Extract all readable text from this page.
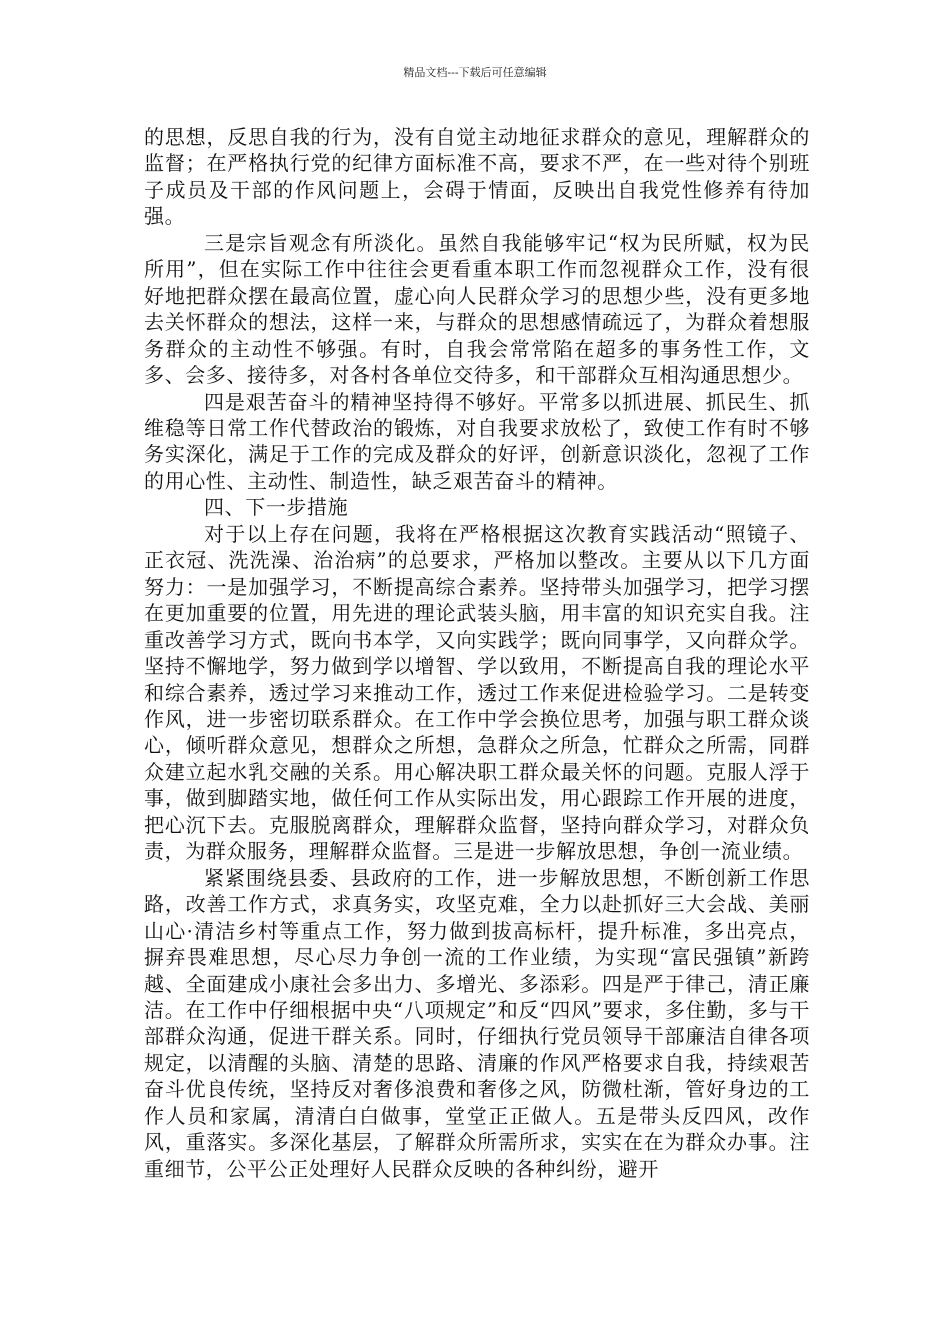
精品文档---下载后可任意编辑

的思想，反思自我的行为，没有自觉主动地征求群众的意见，理解群众的监督；在严格执行党的纪律方面标准不高，要求不严，在一些对待个别班子成员及干部的作风问题上，会碍于情面，反映出自我党性修养有待加强。

三是宗旨观念有所淡化。虽然自我能够牢记“权为民所赋，权为民所用”，但在实际工作中往往会更看重本职工作而忽视群众工作，没有很好地把群众摆在最高位置，虚心向人民群众学习的思想少些，没有更多地去关怀群众的想法，这样一来，与群众的思想感情疏远了，为群众着想服务群众的主动性不够强。有时，自我会常常陷在超多的事务性工作，文多、会多、接待多，对各村各单位交待多，和干部群众互相沟通思想少。

四是艰苦奋斗的精神坚持得不够好。平常多以抓进展、抓民生、抓维稳等日常工作代替政治的锻炼，对自我要求放松了，致使工作有时不够务实深化，满足于工作的完成及群众的好评，创新意识淡化，忽视了工作的用心性、主动性、制造性，缺乏艰苦奋斗的精神。

四、下一步措施

对于以上存在问题，我将在严格根据这次教育实践活动“照镜子、正衣冠、洗洗澡、治治病”的总要求，严格加以整改。主要从以下几方面努力：一是加强学习，不断提高综合素养。坚持带头加强学习，把学习摆在更加重要的位置，用先进的理论武装头脑，用丰富的知识充实自我。注重改善学习方式，既向书本学，又向实践学；既向同事学，又向群众学。坚持不懈地学，努力做到学以增智、学以致用，不断提高自我的理论水平和综合素养，透过学习来推动工作，透过工作来促进检验学习。二是转变作风，进一步密切联系群众。在工作中学会换位思考，加强与职工群众谈心，倾听群众意见，想群众之所想，急群众之所急，忙群众之所需，同群众建立起水乳交融的关系。用心解决职工群众最关怀的问题。克服人浮于事，做到脚踏实地，做任何工作从实际出发，用心跟踪工作开展的进度，把心沉下去。克服脱离群众，理解群众监督，坚持向群众学习，对群众负责，为群众服务，理解群众监督。三是进一步解放思想，争创一流业绩。

紧紧围绕县委、县政府的工作，进一步解放思想，不断创新工作思路，改善工作方式，求真务实，攻坚克难，全力以赴抓好三大会战、美丽山心·清洁乡村等重点工作，努力做到拔高标杆，提升标准，多出亮点，摒弃畏难思想，尽心尽力争创一流的工作业绩，为实现“富民强镇”新跨越、全面建成小康社会多出力、多增光、多添彩。四是严于律己，清正廉洁。在工作中仔细根据中央“八项规定”和反“四风”要求，多住勤，多与干部群众沟通，促进干群关系。同时，仔细执行党员领导干部廉洁自律各项规定，以清醒的头脑、清楚的思路、清廉的作风严格要求自我，持续艰苦奋斗优良传统，坚持反对奢侈浪费和奢侈之风，防微杜渐，管好身边的工作人员和家属，清清白白做事，堂堂正正做人。五是带头反四风，改作风，重落实。多深化基层，了解群众所需所求，实实在在为群众办事。注重细节，公平公正处理好人民群众反映的各种纠纷，避开
